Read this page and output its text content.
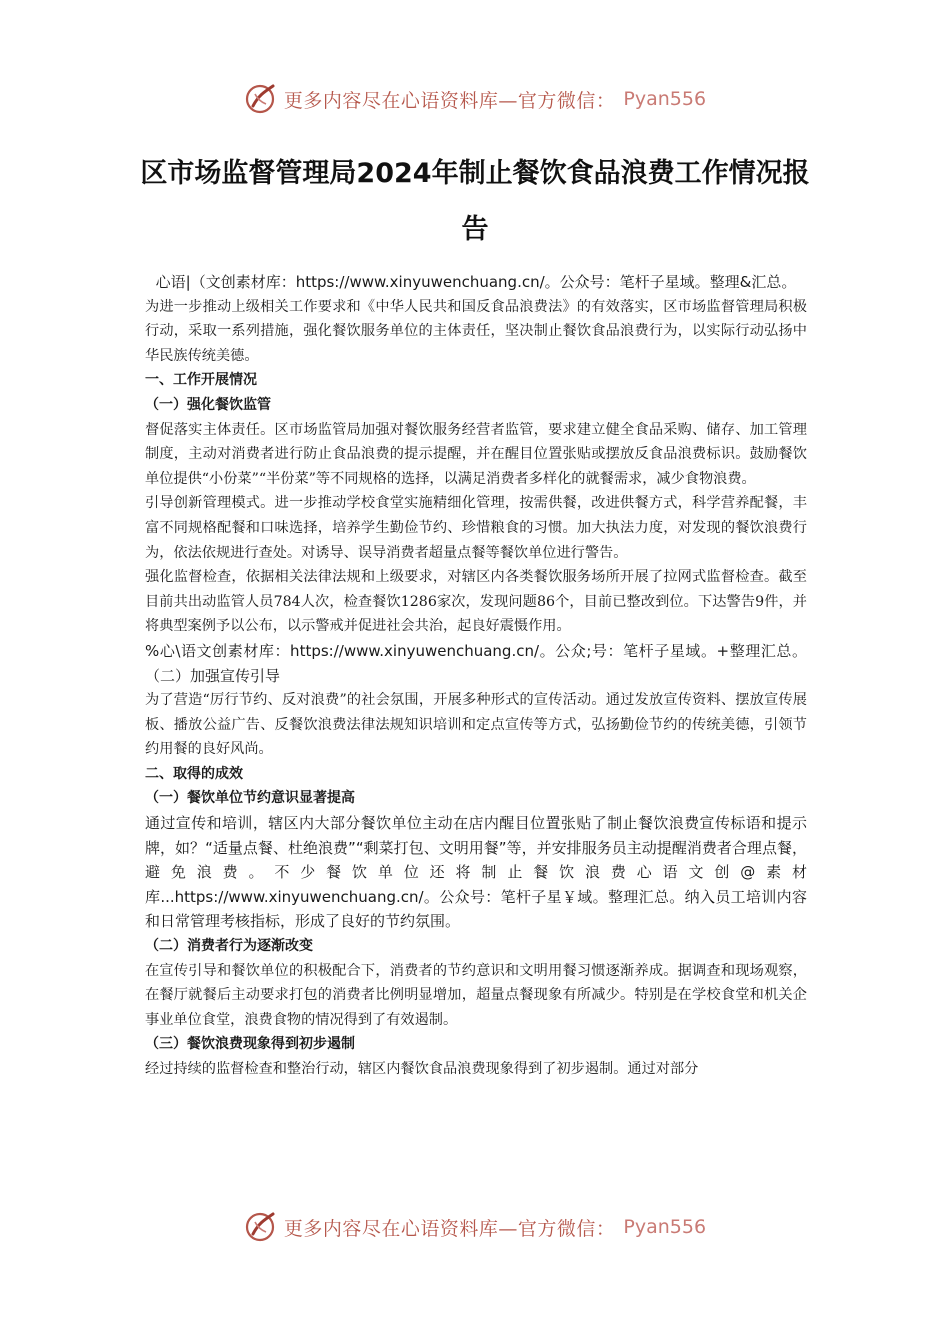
更多内容尽在心语资料库—官方微信： Pyan556
区市场监督管理局2024年制止餐饮食品浪费工作情况报告

心语|（文创素材库：https://www.xinyuwenchuang.cn/。公众号：笔杆子星域。整理&汇总。

为进一步推动上级相关工作要求和《中华人民共和国反食品浪费法》的有效落实，区市场监督管理局积极行动，采取一系列措施，强化餐饮服务单位的主体责任，坚决制止餐饮食品浪费行为，以实际行动弘扬中华民族传统美德。

一、工作开展情况

（一）强化餐饮监管

督促落实主体责任。区市场监管局加强对餐饮服务经营者监管，要求建立健全食品采购、储存、加工管理制度，主动对消费者进行防止食品浪费的提示提醒，并在醒目位置张贴或摆放反食品浪费标识。鼓励餐饮单位提供“小份菜”“半份菜”等不同规格的选择，以满足消费者多样化的就餐需求，减少食物浪费。

引导创新管理模式。进一步推动学校食堂实施精细化管理，按需供餐，改进供餐方式，科学营养配餐，丰富不同规格配餐和口味选择，培养学生勤俭节约、珍惜粮食的习惯。加大执法力度，对发现的餐饮浪费行为，依法依规进行查处。对诱导、误导消费者超量点餐等餐饮单位进行警告。

强化监督检查，依据相关法律法规和上级要求，对辖区内各类餐饮服务场所开展了拉网式监督检查。截至目前共出动监管人员784人次，检查餐饮1286家次，发现问题86个，目前已整改到位。下达警告9件，并将典型案例予以公布，以示警戒并促进社会共治，起良好震慑作用。

%心\语文创素材库：https://www.xinyuwenchuang.cn/。公众;号：笔杆子星域。+整理汇总。（二）加强宣传引导

为了营造“厉行节约、反对浪费”的社会氛围，开展多种形式的宣传活动。通过发放宣传资料、摆放宣传展板、播放公益广告、反餐饮浪费法律法规知识培训和定点宣传等方式，弘扬勤俭节约的传统美德，引领节约用餐的良好风尚。

二、取得的成效

（一）餐饮单位节约意识显著提高

通过宣传和培训，辖区内大部分餐饮单位主动在店内醒目位置张贴了制止餐饮浪费宣传标语和提示牌，如？“适量点餐、杜绝浪费”“剩菜打包、文明用餐”等，并安排服务员主动提醒消费者合理点餐，避免浪费。不少餐饮单位还将制止餐饮浪费心语文创@素材库...https://www.xinyuwenchuang.cn/。公众号：笔杆子星￥域。整理汇总。纳入员工培训内容和日常管理考核指标，形成了良好的节约氛围。

（二）消费者行为逐渐改变

在宣传引导和餐饮单位的积极配合下，消费者的节约意识和文明用餐习惯逐渐养成。据调查和现场观察，在餐厅就餐后主动要求打包的消费者比例明显增加，超量点餐现象有所减少。特别是在学校食堂和机关企事业单位食堂，浪费食物的情况得到了有效遏制。

（三）餐饮浪费现象得到初步遏制

经过持续的监督检查和整治行动，辖区内餐饮食品浪费现象得到了初步遏制。通过对部分

更多内容尽在心语资料库—官方微信： Pyan556
